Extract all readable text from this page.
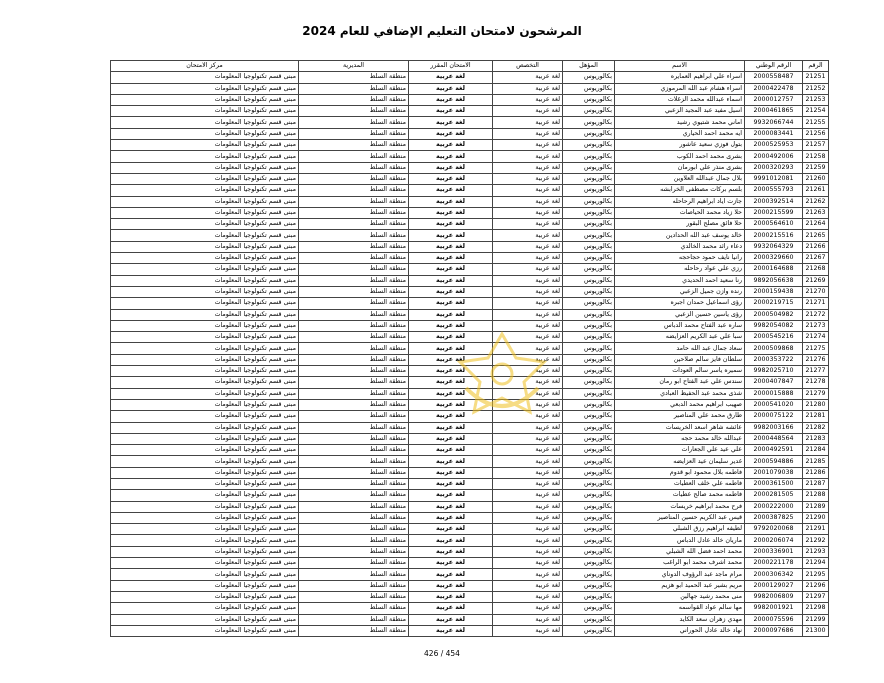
المرشحون لامتحان التعليم الإضافي للعام 2024
الرقم	الرقم الوطني	الاسم	المؤهل	التخصص	الامتحان المقرر	المديرية	مركز الامتحان
21251	2000558487	اسراء علي ابراهيم العمايره	بكالوريوس	لغة عربية	لغة عربية	منطقة السلط	مبنى قسم تكنولوجيا المعلومات
21252	2000422478	اسراء هشام عبد الله المرموزي	بكالوريوس	لغة عربية	لغة عربية	منطقة السلط	مبنى قسم تكنولوجيا المعلومات
21253	2000012757	اسماء عبدالله محمد الزغلات	بكالوريوس	لغة عربية	لغة عربية	منطقة السلط	مبنى قسم تكنولوجيا المعلومات
21254	2000461865	اسيل مفيد عبد المجيد الزعبي	بكالوريوس	لغة عربية	لغة عربية	منطقة السلط	مبنى قسم تكنولوجيا المعلومات
21255	9932066744	اماني محمد شتيوي رشيد	بكالوريوس	لغة عربية	لغة عربية	منطقة السلط	مبنى قسم تكنولوجيا المعلومات
21256	2000083441	ايه محمد احمد الحياري	بكالوريوس	لغة عربية	لغة عربية	منطقة السلط	مبنى قسم تكنولوجيا المعلومات
21257	2000525953	بتول فوزي سعيد عاشور	بكالوريوس	لغة عربية	لغة عربية	منطقة السلط	مبنى قسم تكنولوجيا المعلومات
21258	2000492006	بشرى محمد احمد الكوب	بكالوريوس	لغة عربية	لغة عربية	منطقة السلط	مبنى قسم تكنولوجيا المعلومات
21259	2000320293	بشرى منذر علي ابورمان	بكالوريوس	لغة عربية	لغة عربية	منطقة السلط	مبنى قسم تكنولوجيا المعلومات
21260	9991012081	بلال جمال عبدالله العلاوين	بكالوريوس	لغة عربية	لغة عربية	منطقة السلط	مبنى قسم تكنولوجيا المعلومات
21261	2000555793	بلسم بركات مصطفى الخرابشه	بكالوريوس	لغة عربية	لغة عربية	منطقة السلط	مبنى قسم تكنولوجيا المعلومات
21262	2000392514	جازت اياد ابراهيم الرحاحله	بكالوريوس	لغة عربية	لغة عربية	منطقة السلط	مبنى قسم تكنولوجيا المعلومات
21263	2000215599	حلا زياد محمد الحياصات	بكالوريوس	لغة عربية	لغة عربية	منطقة السلط	مبنى قسم تكنولوجيا المعلومات
21264	2000564610	حلا فائق مصلح البقور	بكالوريوس	لغة عربية	لغة عربية	منطقة السلط	مبنى قسم تكنولوجيا المعلومات
21265	2000215516	خالد يوسف عبد الله الحدادين	بكالوريوس	لغة عربية	لغة عربية	منطقة السلط	مبنى قسم تكنولوجيا المعلومات
21266	9932064329	دعاء رائد محمد الخالدي	بكالوريوس	لغة عربية	لغة عربية	منطقة السلط	مبنى قسم تكنولوجيا المعلومات
21267	2000329660	رانيا نايف حمود حجاحجه	بكالوريوس	لغة عربية	لغة عربية	منطقة السلط	مبنى قسم تكنولوجيا المعلومات
21268	2000164688	رزي علي عواد رحاحله	بكالوريوس	لغة عربية	لغة عربية	منطقة السلط	مبنى قسم تكنولوجيا المعلومات
21269	9892056638	رنا سعيد احمد الحديدي	بكالوريوس	لغة عربية	لغة عربية	منطقة السلط	مبنى قسم تكنولوجيا المعلومات
21270	2000159438	رنده وازن جميل الزعبي	بكالوريوس	لغة عربية	لغة عربية	منطقة السلط	مبنى قسم تكنولوجيا المعلومات
21271	2000219715	رؤى اسماعيل حمدان اجبره	بكالوريوس	لغة عربية	لغة عربية	منطقة السلط	مبنى قسم تكنولوجيا المعلومات
21272	2000504982	رؤى ياسين حسين الزعبي	بكالوريوس	لغة عربية	لغة عربية	منطقة السلط	مبنى قسم تكنولوجيا المعلومات
21273	9982054082	ساره عبد الفتاح محمد الدباس	بكالوريوس	لغة عربية	لغة عربية	منطقة السلط	مبنى قسم تكنولوجيا المعلومات
21274	2000545216	سبا علي عبد الكريم العزايضه	بكالوريوس	لغة عربية	لغة عربية	منطقة السلط	مبنى قسم تكنولوجيا المعلومات
21275	2000509868	سعاد جمال عبد الله حامد	بكالوريوس	لغة عربية	لغة عربية	منطقة السلط	مبنى قسم تكنولوجيا المعلومات
21276	2000353722	سلطان فايز سالم صلاحين	بكالوريوس	لغة عربية	لغة عربية	منطقة السلط	مبنى قسم تكنولوجيا المعلومات
21277	9982025710	سميره ياسر سالم العودات	بكالوريوس	لغة عربية	لغة عربية	منطقة السلط	مبنى قسم تكنولوجيا المعلومات
21278	2000407847	سندس علي عبد الفتاح ابو رمان	بكالوريوس	لغة عربية	لغة عربية	منطقة السلط	مبنى قسم تكنولوجيا المعلومات
21279	2000015888	شذى محمد عبد الحفيظ العبادي	بكالوريوس	لغة عربية	لغة عربية	منطقة السلط	مبنى قسم تكنولوجيا المعلومات
21280	2000541020	صهيب ابراهيم محمد الدبعي	بكالوريوس	لغة عربية	لغة عربية	منطقة السلط	مبنى قسم تكنولوجيا المعلومات
21281	2000075122	طارق محمد علي المناصير	بكالوريوس	لغة عربية	لغة عربية	منطقة السلط	مبنى قسم تكنولوجيا المعلومات
21282	9982003166	عائشه شاهر اسعد الخريسات	بكالوريوس	لغة عربية	لغة عربية	منطقة السلط	مبنى قسم تكنولوجيا المعلومات
21283	2000448564	عبدالله خالد محمد حجه	بكالوريوس	لغة عربية	لغة عربية	منطقة السلط	مبنى قسم تكنولوجيا المعلومات
21284	2000492591	علي عيد علي الجعارات	بكالوريوس	لغة عربية	لغة عربية	منطقة السلط	مبنى قسم تكنولوجيا المعلومات
21285	2000594886	غدير سليمان عيد العزايضه	بكالوريوس	لغة عربية	لغة عربية	منطقة السلط	مبنى قسم تكنولوجيا المعلومات
21286	2001079038	فاطمه بلال محمود ابو قدوم	بكالوريوس	لغة عربية	لغة عربية	منطقة السلط	مبنى قسم تكنولوجيا المعلومات
21287	2000361500	فاطمه علي خلف العطيات	بكالوريوس	لغة عربية	لغة عربية	منطقة السلط	مبنى قسم تكنولوجيا المعلومات
21288	2000281505	فاطمه محمد صالح عطيات	بكالوريوس	لغة عربية	لغة عربية	منطقة السلط	مبنى قسم تكنولوجيا المعلومات
21289	2000222000	فرح محمد ابراهيم خريسات	بكالوريوس	لغة عربية	لغة عربية	منطقة السلط	مبنى قسم تكنولوجيا المعلومات
21290	2000387825	قيس عبد الكريم حسين المناصير	بكالوريوس	لغة عربية	لغة عربية	منطقة السلط	مبنى قسم تكنولوجيا المعلومات
21291	9792020068	لطيفه ابراهيم رزق الشبلي	بكالوريوس	لغة عربية	لغة عربية	منطقة السلط	مبنى قسم تكنولوجيا المعلومات
21292	2000206074	ماريان خالد عادل الدباس	بكالوريوس	لغة عربية	لغة عربية	منطقة السلط	مبنى قسم تكنولوجيا المعلومات
21293	2000336901	محمد احمد فضل الله الشبلي	بكالوريوس	لغة عربية	لغة عربية	منطقة السلط	مبنى قسم تكنولوجيا المعلومات
21294	2000221178	محمد اشرف محمد ابو الراغب	بكالوريوس	لغة عربية	لغة عربية	منطقة السلط	مبنى قسم تكنولوجيا المعلومات
21295	2000306342	مرام ماجد عبد الرؤوف الدوناي	بكالوريوس	لغة عربية	لغة عربية	منطقة السلط	مبنى قسم تكنولوجيا المعلومات
21296	2000129027	مريم بشير عبد الحميد ابو هزيم	بكالوريوس	لغة عربية	لغة عربية	منطقة السلط	مبنى قسم تكنولوجيا المعلومات
21297	9982006809	منى محمد رشيد جهالين	بكالوريوس	لغة عربية	لغة عربية	منطقة السلط	مبنى قسم تكنولوجيا المعلومات
21298	9982001921	مها سالم عواد القواسمه	بكالوريوس	لغة عربية	لغة عربية	منطقة السلط	مبنى قسم تكنولوجيا المعلومات
21299	2000075596	مهدي زهران سعد الكايد	بكالوريوس	لغة عربية	لغة عربية	منطقة السلط	مبنى قسم تكنولوجيا المعلومات
21300	2000097686	نهاد خالد عادل الحوراني	بكالوريوس	لغة عربية	لغة عربية	منطقة السلط	مبنى قسم تكنولوجيا المعلومات
426 / 454
